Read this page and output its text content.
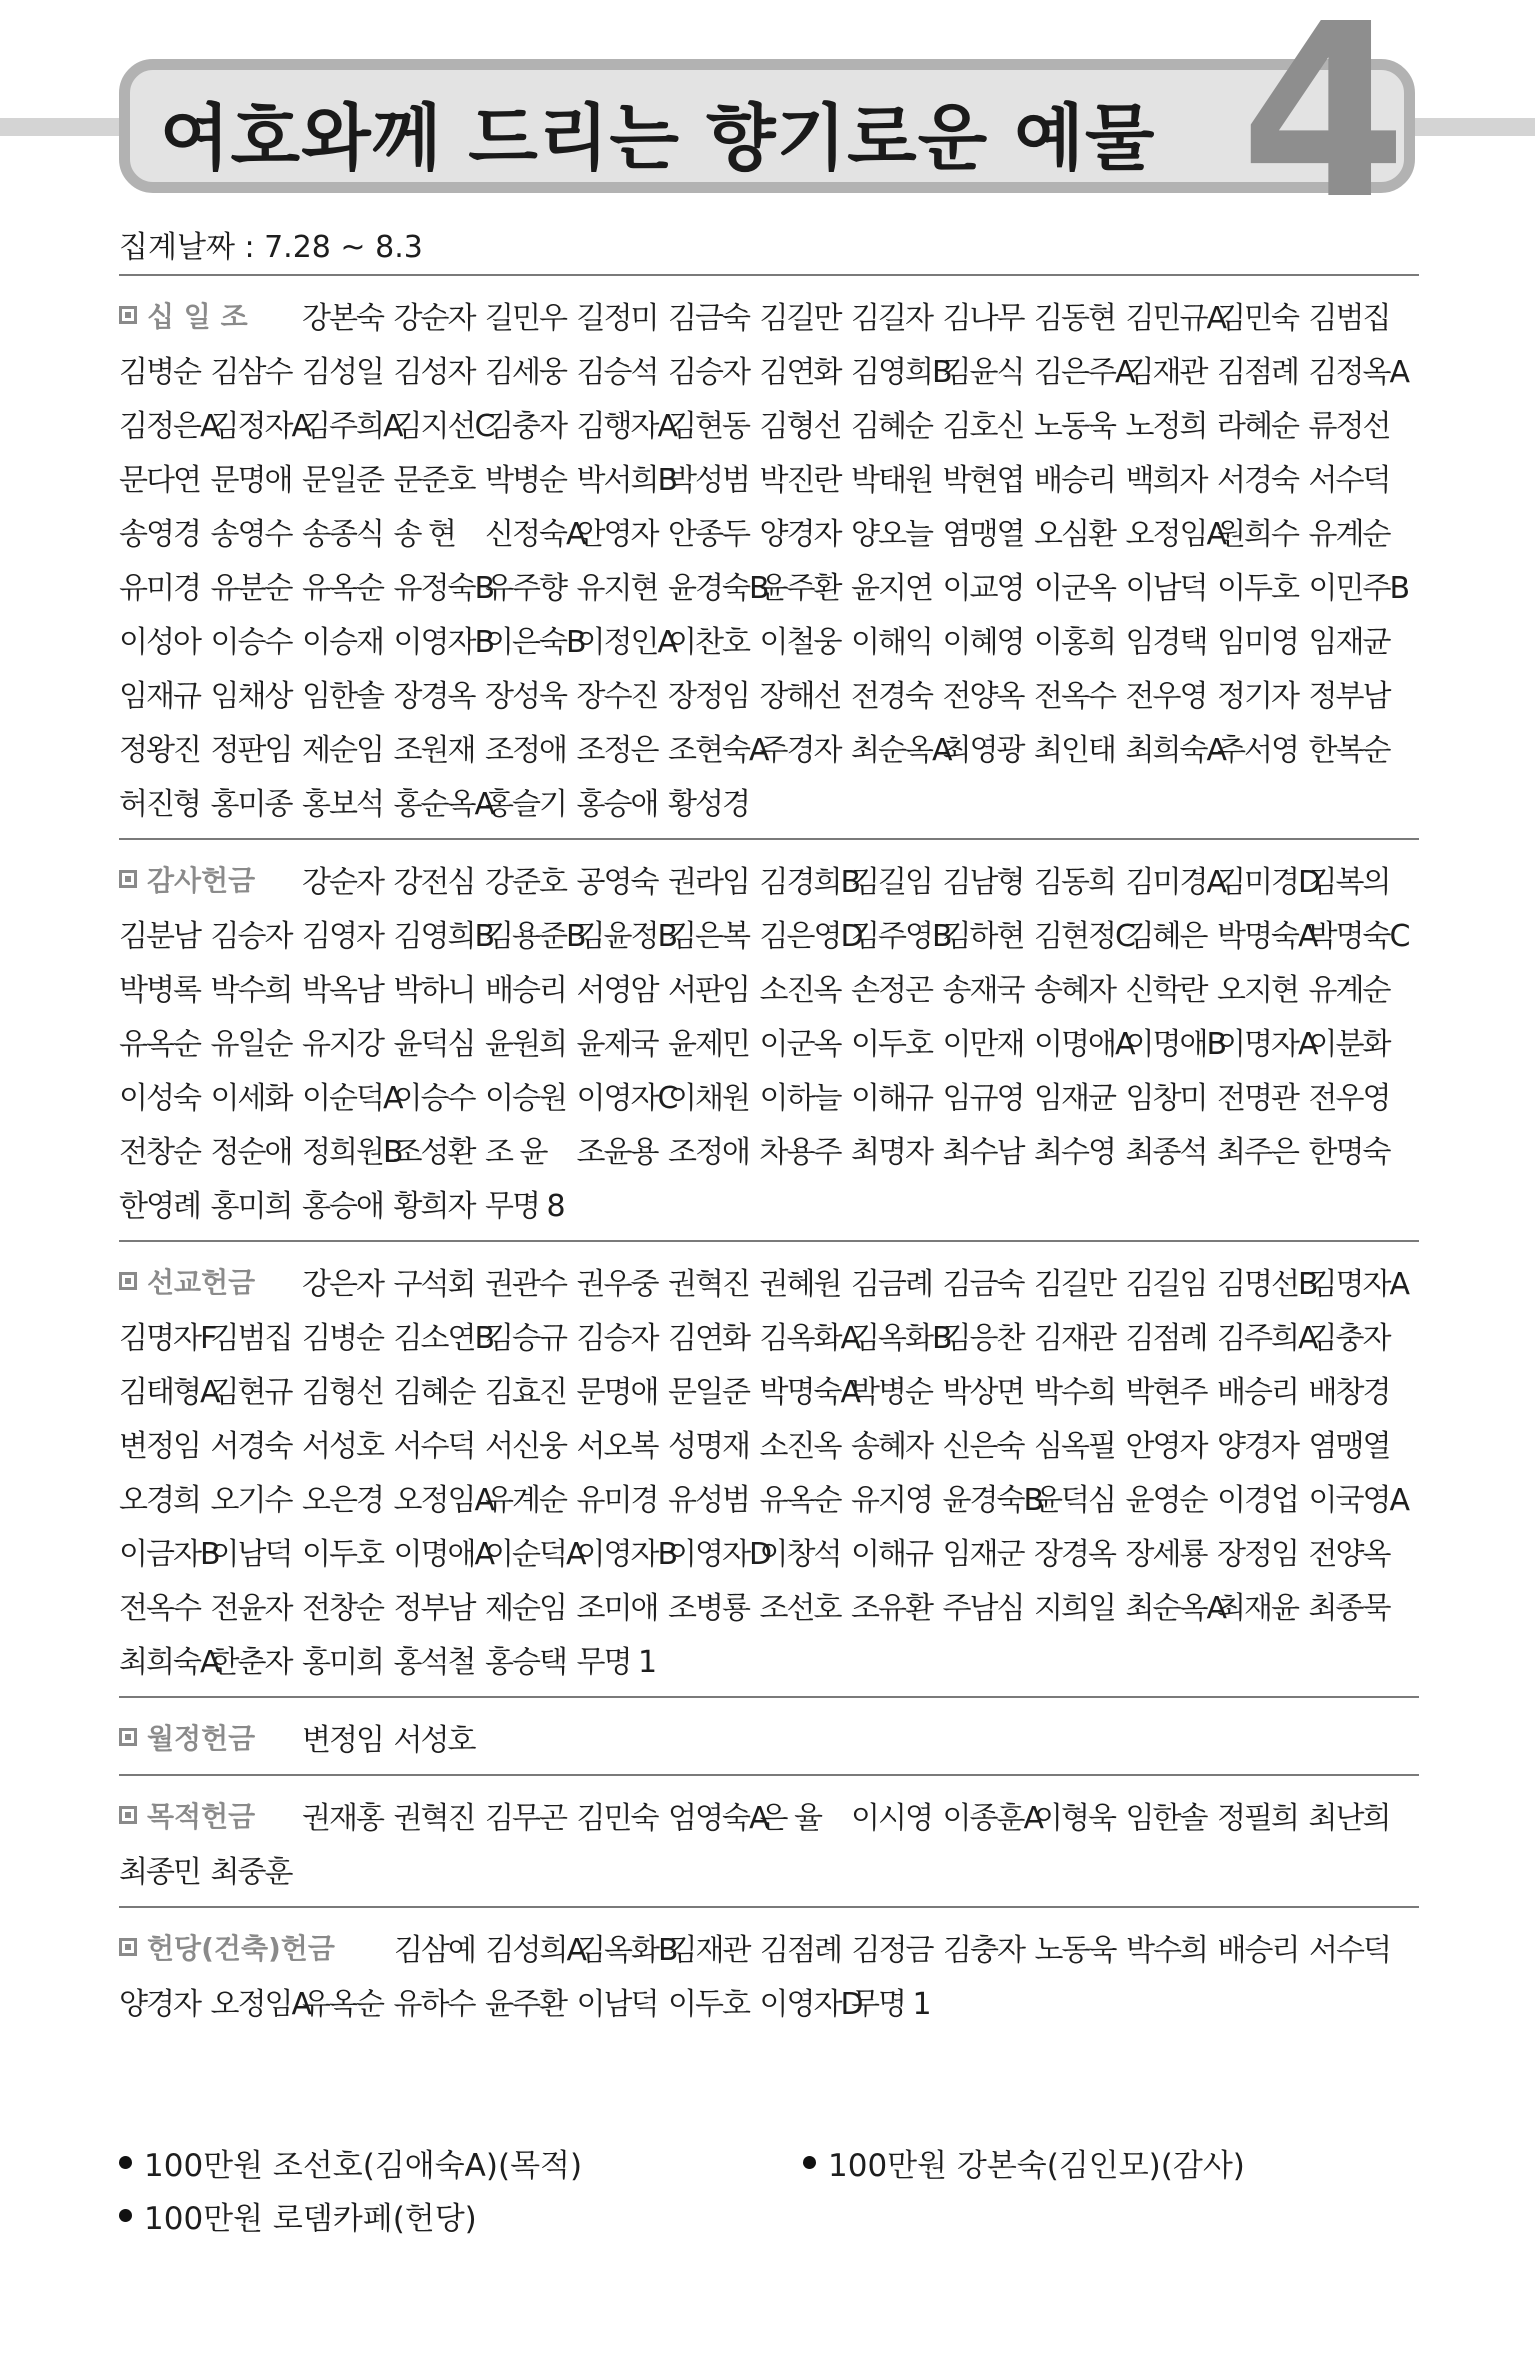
여호와께 드리는 향기로운 예물 4
집계날짜 : 7.28 ~ 8.3
십 일 조 강본숙 강순자 길민우 길정미 김금숙 김길만 김길자 김나무 김동현 김민규A
김민숙 김범집
김병순 김삼수 김성일 김성자 김세웅 김승석 김승자 김연화 김영희B
김윤식 김은주A
김재관 김점례 김정옥A
김정은A
김정자A
김주희A
김지선C
김충자 김행자A
김현동 김형선 김혜순 김호신 노동욱 노정희 라혜순 류정선
문다연 문명애 문일준 문준호 박병순 박서희B
박성범 박진란 박태원 박현엽 배승리 백희자 서경숙 서수덕
송영경 송영수 송종식 송 현	신정숙A
안영자 안종두 양경자 양오늘 염맹열 오심환 오정임A
원희수 유계순
유미경 유분순 유옥순 유정숙B
유주향 유지현 윤경숙B
윤주환 윤지연 이교영 이군옥 이남덕 이두호 이민주B
이성아 이승수 이승재 이영자B
이은숙B
이정인A
이찬호 이철웅 이해익 이혜영 이홍희 임경택 임미영 임재균
임재규 임채상 임한솔 장경옥 장성욱 장수진 장정임 장해선 전경숙 전양옥 전옥수 전우영 정기자 정부남
정왕진 정판임 제순임 조원재 조정애 조정은 조현숙A
주경자 최순옥A
최영광 최인태 최희숙A
추서영 한복순
허진형 홍미종 홍보석 홍순옥A
홍슬기 홍승애 황성경
감사헌금 강순자 강전심 강준호 공영숙 권라임 김경희B
김길임 김남형 김동희 김미경A
김미경D
김복의
김분남 김승자 김영자 김영희B
김용준B
김윤정B
김은복 김은영D
김주영B
김하현 김현정C
김혜은 박명숙A
박명숙C
박병록 박수희 박옥남 박하니 배승리 서영암 서판임 소진옥 손정곤 송재국 송혜자 신학란 오지현 유계순
유옥순 유일순 유지강 윤덕심 윤원희 윤제국 윤제민 이군옥 이두호 이만재 이명애A
이명애B
이명자A
이분화
이성숙 이세화 이순덕A
이승수 이승원 이영자C
이채원 이하늘 이해규 임규영 임재균 임창미 전명관 전우영
전창순 정순애 정희원B
조성환 조 윤	조윤용 조정애 차용주 최명자 최수남 최수영 최종석 최주은 한명숙
한영례 홍미희 홍승애 황희자 무명 8
선교헌금 강은자 구석회 권관수 권우중 권혁진 권혜원 김금례 김금숙 김길만 김길임 김명선B
김명자A
김명자F
김범집 김병순 김소연B
김승규 김승자 김연화 김옥화A
김옥화B
김응찬 김재관 김점례 김주희A
김충자
김태형A
김현규 김형선 김혜순 김효진 문명애 문일준 박명숙A
박병순 박상면 박수희 박현주 배승리 배창경
변정임 서경숙 서성호 서수덕 서신웅 서오복 성명재 소진옥 송혜자 신은숙 심옥필 안영자 양경자 염맹열
오경희 오기수 오은경 오정임A
유계순 유미경 유성범 유옥순 유지영 윤경숙B
윤덕심 윤영순 이경업 이국영A
이금자B
이남덕 이두호 이명애A
이순덕A
이영자B
이영자D
이창석 이해규 임재군 장경옥 장세룡 장정임 전양옥
전옥수 전윤자 전창순 정부남 제순임 조미애 조병룡 조선호 조유환 주남심 지희일 최순옥A
최재윤 최종묵
최희숙A
한춘자 홍미희 홍석철 홍승택 무명 1
월정헌금 변정임 서성호
목적헌금 권재홍 권혁진 김무곤 김민숙 엄영숙A
은 율	이시영 이종훈A
이형욱 임한솔 정필희 최난희
최종민 최중훈
헌당(건축)헌금 김삼예 김성희A
김옥화B
김재관 김점례 김정금 김충자 노동욱 박수희 배승리 서수덕
양경자 오정임A
유옥순 유하수 윤주환 이남덕 이두호 이영자D
무명 1
100만원 조선호(김애숙A)(목적)	100만원 강본숙(김인모)(감사)
100만원 로뎀카페(헌당)
